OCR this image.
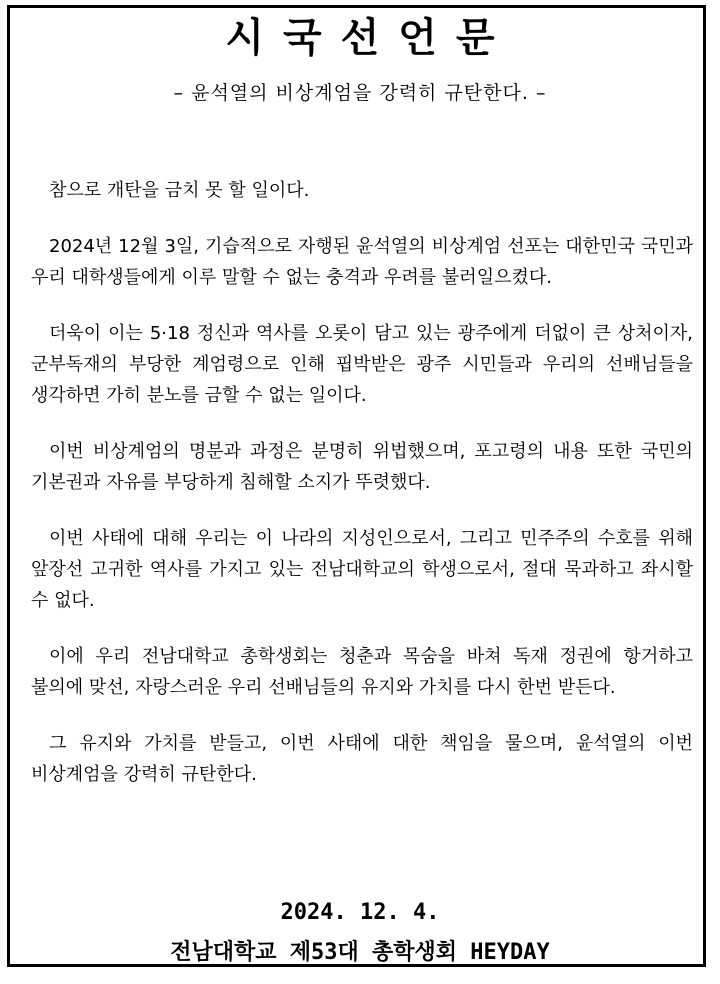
시국선언문
– 윤석열의 비상계엄을 강력히 규탄한다. –

참으로 개탄을 금치 못 할 일이다.

2024년 12월 3일, 기습적으로 자행된 윤석열의 비상계엄 선포는 대한민국 국민과 우리 대학생들에게 이루 말할 수 없는 충격과 우려를 불러일으켰다.

더욱이 이는 5·18 정신과 역사를 오롯이 담고 있는 광주에게 더없이 큰 상처이자, 군부독재의 부당한 계엄령으로 인해 핍박받은 광주 시민들과 우리의 선배님들을 생각하면 가히 분노를 금할 수 없는 일이다.

이번 비상계엄의 명분과 과정은 분명히 위법했으며, 포고령의 내용 또한 국민의 기본권과 자유를 부당하게 침해할 소지가 뚜렷했다.

이번 사태에 대해 우리는 이 나라의 지성인으로서, 그리고 민주주의 수호를 위해 앞장선 고귀한 역사를 가지고 있는 전남대학교의 학생으로서, 절대 묵과하고 좌시할 수 없다.

이에 우리 전남대학교 총학생회는 청춘과 목숨을 바쳐 독재 정권에 항거하고 불의에 맞선, 자랑스러운 우리 선배님들의 유지와 가치를 다시 한번 받든다.

그 유지와 가치를 받들고, 이번 사태에 대한 책임을 물으며, 윤석열의 이번 비상계엄을 강력히 규탄한다.

2024. 12. 4.
전남대학교 제53대 총학생회 HEYDAY
